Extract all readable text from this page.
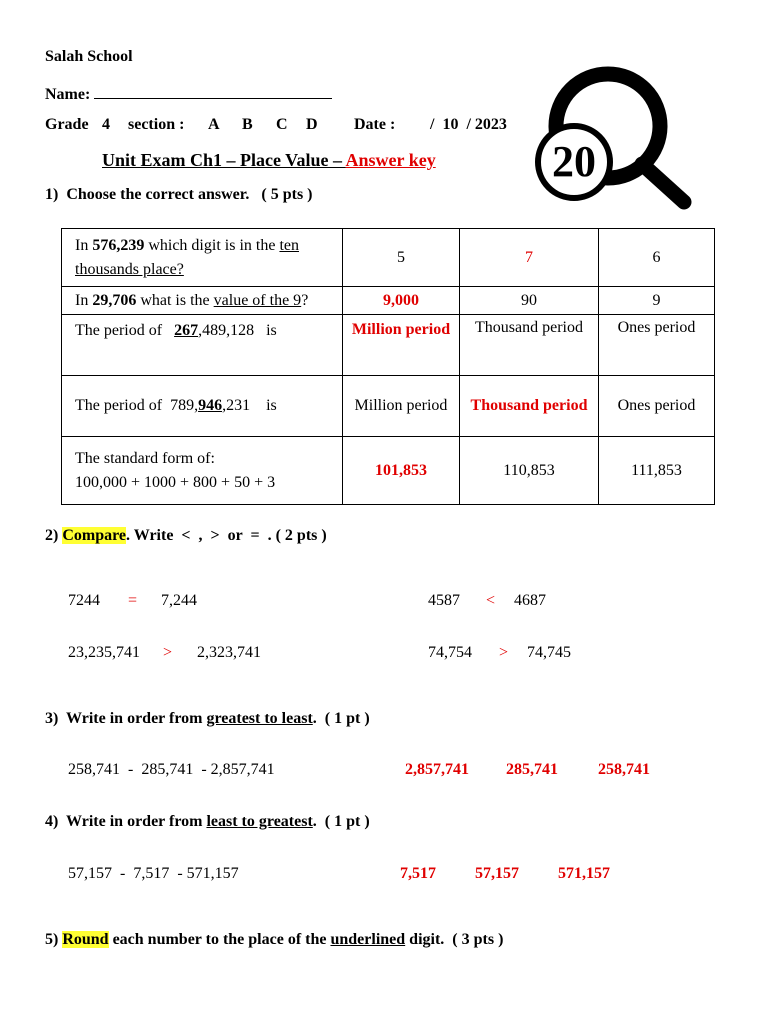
Salah School
Name:
Grade 4 section : A B C D Date : /  10  / 2023
Unit Exam Ch1 – Place Value – Answer key	20
1)  Choose the correct answer.   ( 5 pts )
In 576,239 which digit is in the ten
thousands place?	5	7	6
In 29,706 what is the value of the 9?	9,000	90	9
The period of   267,489,128   is	Million period	Thousand period	Ones period
The period of  789,946,231    is	Million period	Thousand period	Ones period
The standard form of:
100,000 + 1000 + 800 + 50 + 3	101,853	110,853	111,853
2) Compare. Write  <  ,  >  or  =  . ( 2 pts )
7244 = 7,244	4587 < 4687
23,235,741 > 2,323,741	74,754 > 74,745
3)  Write in order from greatest to least.  ( 1 pt )
258,741  -  285,741  - 2,857,741	2,857,741 285,741	258,741
4)  Write in order from least to greatest.  ( 1 pt )
57,157  -  7,517  - 571,157	7,517 57,157 571,157
5) Round each number to the place of the underlined digit.  ( 3 pts )
